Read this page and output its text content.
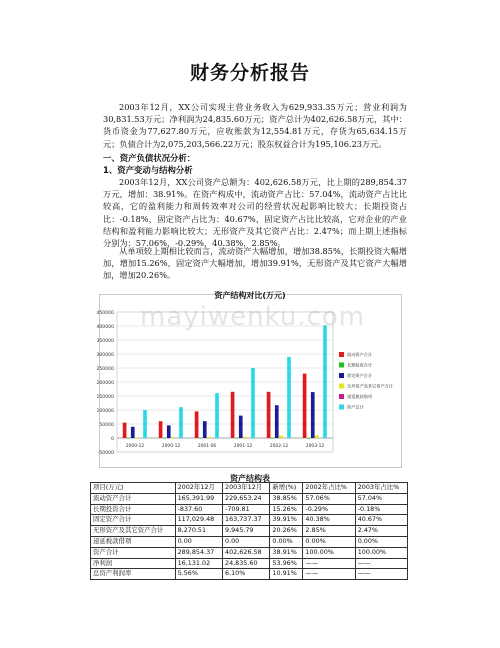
财务分析报告
2003年12月，XX公司实现主营业务收入为629,933.35万元；营业利润为30,831.53万元；净利润为24,835.60万元；资产总计为402,626.58万元，其中：货币资金为77,627.80万元，应收账款为12,554.81万元，存货为65,634.15万元；负债合计为2,075,203,566.22万元；股东权益合计为195,106.23万元。
一、资产负债状况分析：
1、资产变动与结构分析
2003年12月，XX公司资产总额为：402,626.58万元，比上期的289,854.37万元，增加：38.91%。在资产构成中，流动资产占比：57.04%，流动资产占比比较高，它的盈利能力和周转效率对公司的经营状况起影响比较大；长期投资占比：-0.18%，固定资产占比为：40.67%，固定资产占比比较高，它对企业的产业结构和盈利能力影响比较大；无形资产及其它资产占比：2.47%；而上期上述指标分别为：57.06%，-0.29%，40.38%，2.85%。
从单项较上期相比较而言，流动资产大幅增加，增加38.85%，长期投资大幅增加，增加15.26%，固定资产大幅增加，增加39.91%，无形资产及其它资产大幅增加，增加20.26%。
资产结构对比(万元)
450000
400000
350000
300000
250000
200000
150000
100000
50000
0
-50000
2000-12	2000-12	2001-06	2001-12	2002-12	2003-12
流动资产合计
长期投资合计
固定资产合计
无形资产及其它资产合计
递延税款借项
资产总计
mayiwenku.com
资产结构表
项目(万元)	2002年12月	2003年12月	新增(%)	2002年占比%	2003年占比%
流动资产合计	165,391.99	229,653.24	38.85%	57.06%	57.04%
长期投资合计	-837.60	-709.81	15.26%	-0.29%	-0.18%
固定资产合计	117,029.48	163,737.37	39.91%	40.38%	40.67%
无形资产及其它资产合计	8,270.51	9,945.79	20.26%	2.85%	2.47%
递延税款借项	0.00	0.00	0.00%	0.00%	0.00%
资产合计	289,854.37	402,626.58	38.91%	100.00%	100.00%
净利润	16,131.02	24,835.60	53.96%	——	——
总资产利润率	5.56%	6.10%	10.91%	——	——
